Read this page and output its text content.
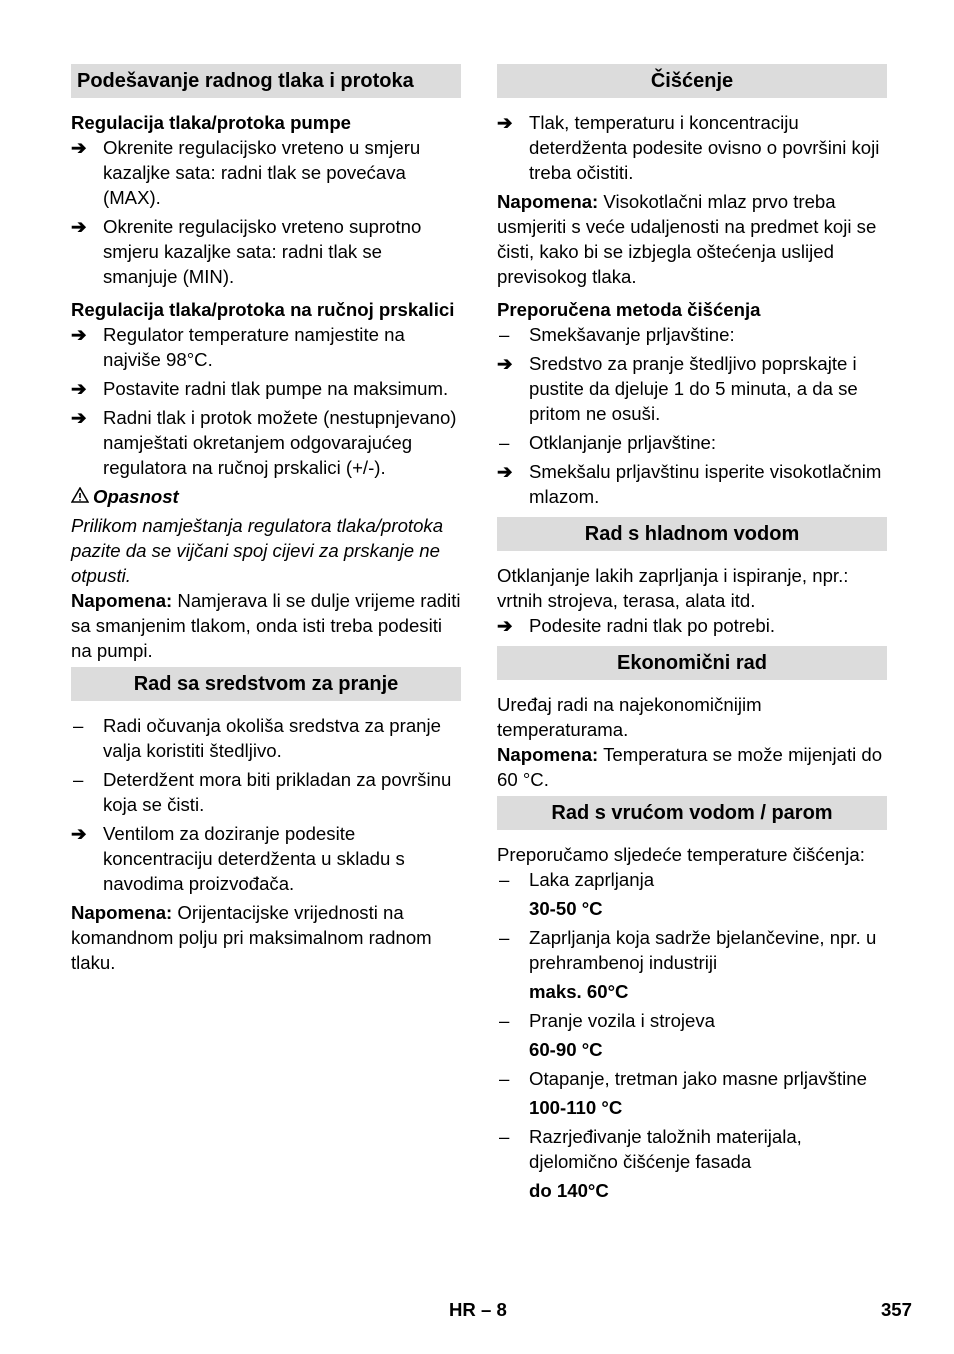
Podešavanje radnog tlaka i protoka

Regulacija tlaka/protoka pumpe

➔ Okrenite regulacijsko vreteno u smjeru kazaljke sata: radni tlak se povećava (MAX).
➔ Okrenite regulacijsko vreteno suprotno smjeru kazaljke sata: radni tlak se smanjuje (MIN).

Regulacija tlaka/protoka na ručnoj prskalici

➔ Regulator temperature namjestite na najviše 98°C.
➔ Postavite radni tlak pumpe na maksimum.
➔ Radni tlak i protok možete (nestupnjevano) namještati okretanjem odgovarajućeg regulatora na ručnoj prskalici (+/-).

Opasnost

Prilikom namještanja regulatora tlaka/protoka pazite da se vijčani spoj cijevi za prskanje ne otpusti.

Napomena: Namjerava li se dulje vrijeme raditi sa smanjenim tlakom, onda isti treba podesiti na pumpi.

Rad sa sredstvom za pranje
–	Radi očuvanja okoliša sredstva za pranje valja koristiti štedljivo.
–	Deterdžent mora biti prikladan za površinu koja se čisti.
➔ Ventilom za doziranje podesite koncentraciju deterdženta u skladu s navodima proizvođača.

Napomena: Orijentacijske vrijednosti na komandnom polju pri maksimalnom radnom tlaku.

Čišćenje
➔ Tlak, temperaturu i koncentraciju deterdženta podesite ovisno o površini koji treba očistiti.

Napomena: Visokotlačni mlaz prvo treba usmjeriti s veće udaljenosti na predmet koji se čisti, kako bi se izbjegla oštećenja uslijed previsokog tlaka.

Preporučena metoda čišćenja

–	Smekšavanje prljavštine:
➔ Sredstvo za pranje štedljivo poprskajte i pustite da djeluje 1 do 5 minuta, a da se pritom ne osuši.
–	Otklanjanje prljavštine:
➔ Smekšalu prljavštinu isperite visokotlačnim mlazom.
Rad s hladnom vodom

Otklanjanje lakih zaprljanja i ispiranje, npr.: vrtnih strojeva, terasa, alata itd.

➔ Podesite radni tlak po potrebi.
Ekonomični rad

Uređaj radi na najekonomičnijim temperaturama.

Napomena: Temperatura se može mijenjati do 60 °C.

Rad s vrućom vodom / parom

Preporučamo sljedeće temperature čišćenja:

–	Laka zaprljanja

30-50 °C

–	Zaprljanja koja sadrže bjelančevine, npr. u prehrambenoj industriji

maks. 60°C

–	Pranje vozila i strojeva

60-90 °C

–	Otapanje, tretman jako masne prljavštine

100-110 °C

–	Razrjeđivanje taložnih materijala, djelomično čišćenje fasada

do 140°C

HR – 8	357
